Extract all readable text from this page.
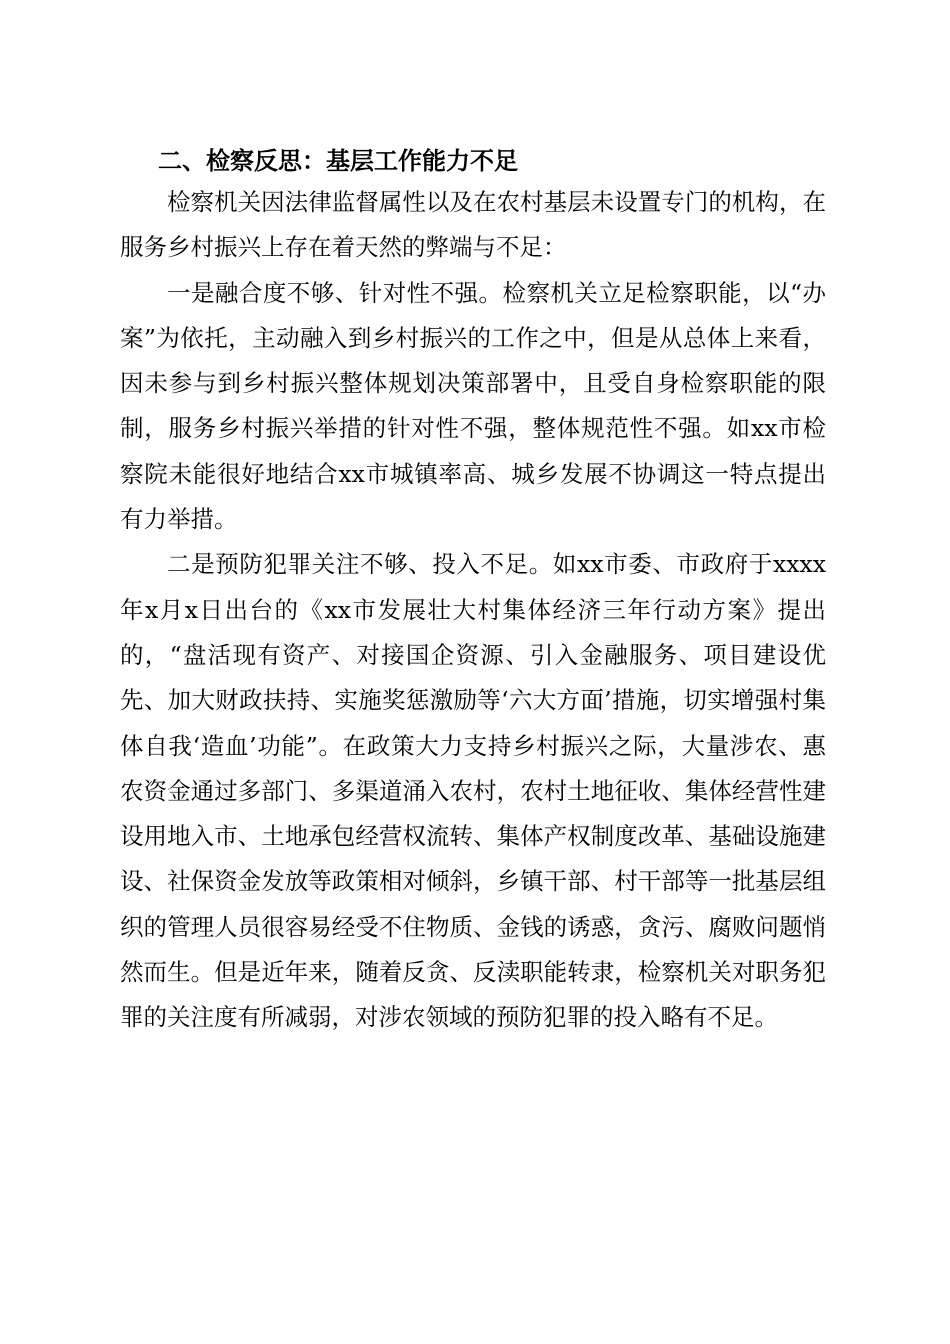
二、检察反思：基层工作能力不足

检察机关因法律监督属性以及在农村基层未设置专门的机构，在服务乡村振兴上存在着天然的弊端与不足：

一是融合度不够、针对性不强。检察机关立足检察职能，以“办案”为依托，主动融入到乡村振兴的工作之中，但是从总体上来看，因未参与到乡村振兴整体规划决策部署中，且受自身检察职能的限制，服务乡村振兴举措的针对性不强，整体规范性不强。如xx市检察院未能很好地结合xx市城镇率高、城乡发展不协调这一特点提出有力举措。

二是预防犯罪关注不够、投入不足。如xx市委、市政府于xxxx年x月x日出台的《xx市发展壮大村集体经济三年行动方案》提出的，“盘活现有资产、对接国企资源、引入金融服务、项目建设优先、加大财政扶持、实施奖惩激励等‘六大方面’措施，切实增强村集体自我‘造血’功能”。在政策大力支持乡村振兴之际，大量涉农、惠农资金通过多部门、多渠道涌入农村，农村土地征收、集体经营性建设用地入市、土地承包经营权流转、集体产权制度改革、基础设施建设、社保资金发放等政策相对倾斜，乡镇干部、村干部等一批基层组织的管理人员很容易经受不住物质、金钱的诱惑，贪污、腐败问题悄然而生。但是近年来，随着反贪、反渎职能转隶，检察机关对职务犯罪的关注度有所减弱，对涉农领域的预防犯罪的投入略有不足。
